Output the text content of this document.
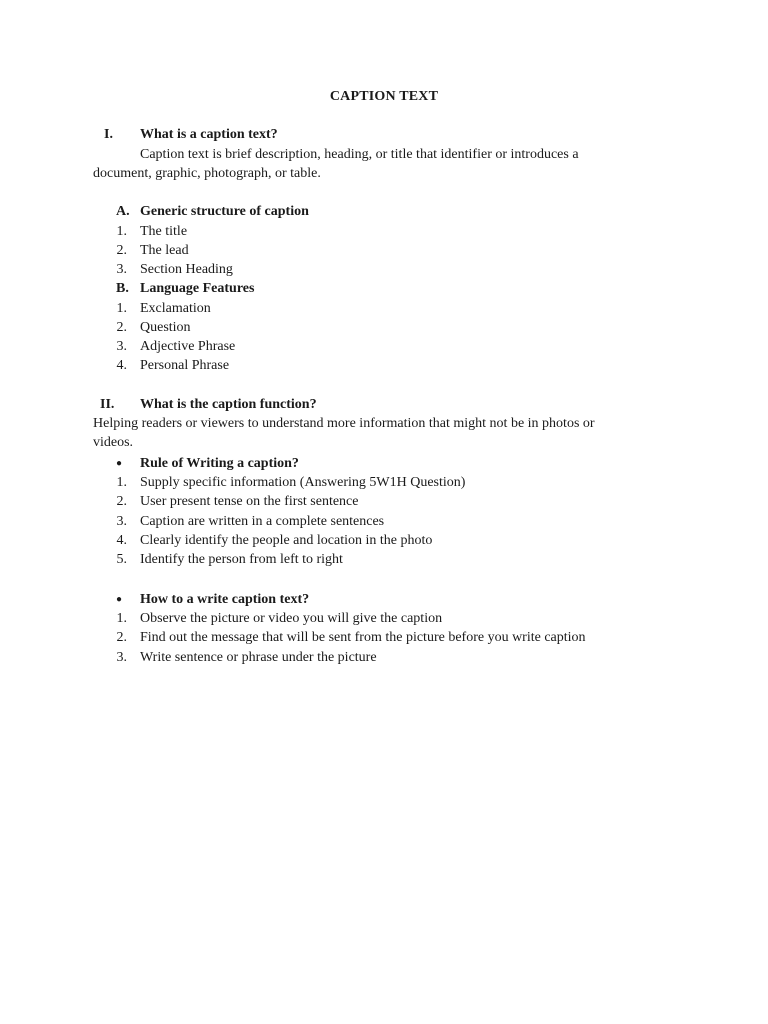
CAPTION TEXT
I.	What is a caption text?
Caption text is brief description, heading, or title that identifier or introduces a
document, graphic, photograph, or table.
A. Generic structure of caption
1. The title
2. The lead
3. Section Heading
B. Language Features
1. Exclamation
2. Question
3. Adjective Phrase
4. Personal Phrase
II.	What is the caption function?
Helping readers or viewers to understand more information that might not be in photos or
videos.
● Rule of Writing a caption?
1. Supply specific information (Answering 5W1H Question)
2. User present tense on the first sentence
3. Caption are written in a complete sentences
4. Clearly identify the people and location in the photo
5. Identify the person from left to right
● How to a write caption text?
1. Observe the picture or video you will give the caption
2. Find out the message that will be sent from the picture before you write caption
3. Write sentence or phrase under the picture
